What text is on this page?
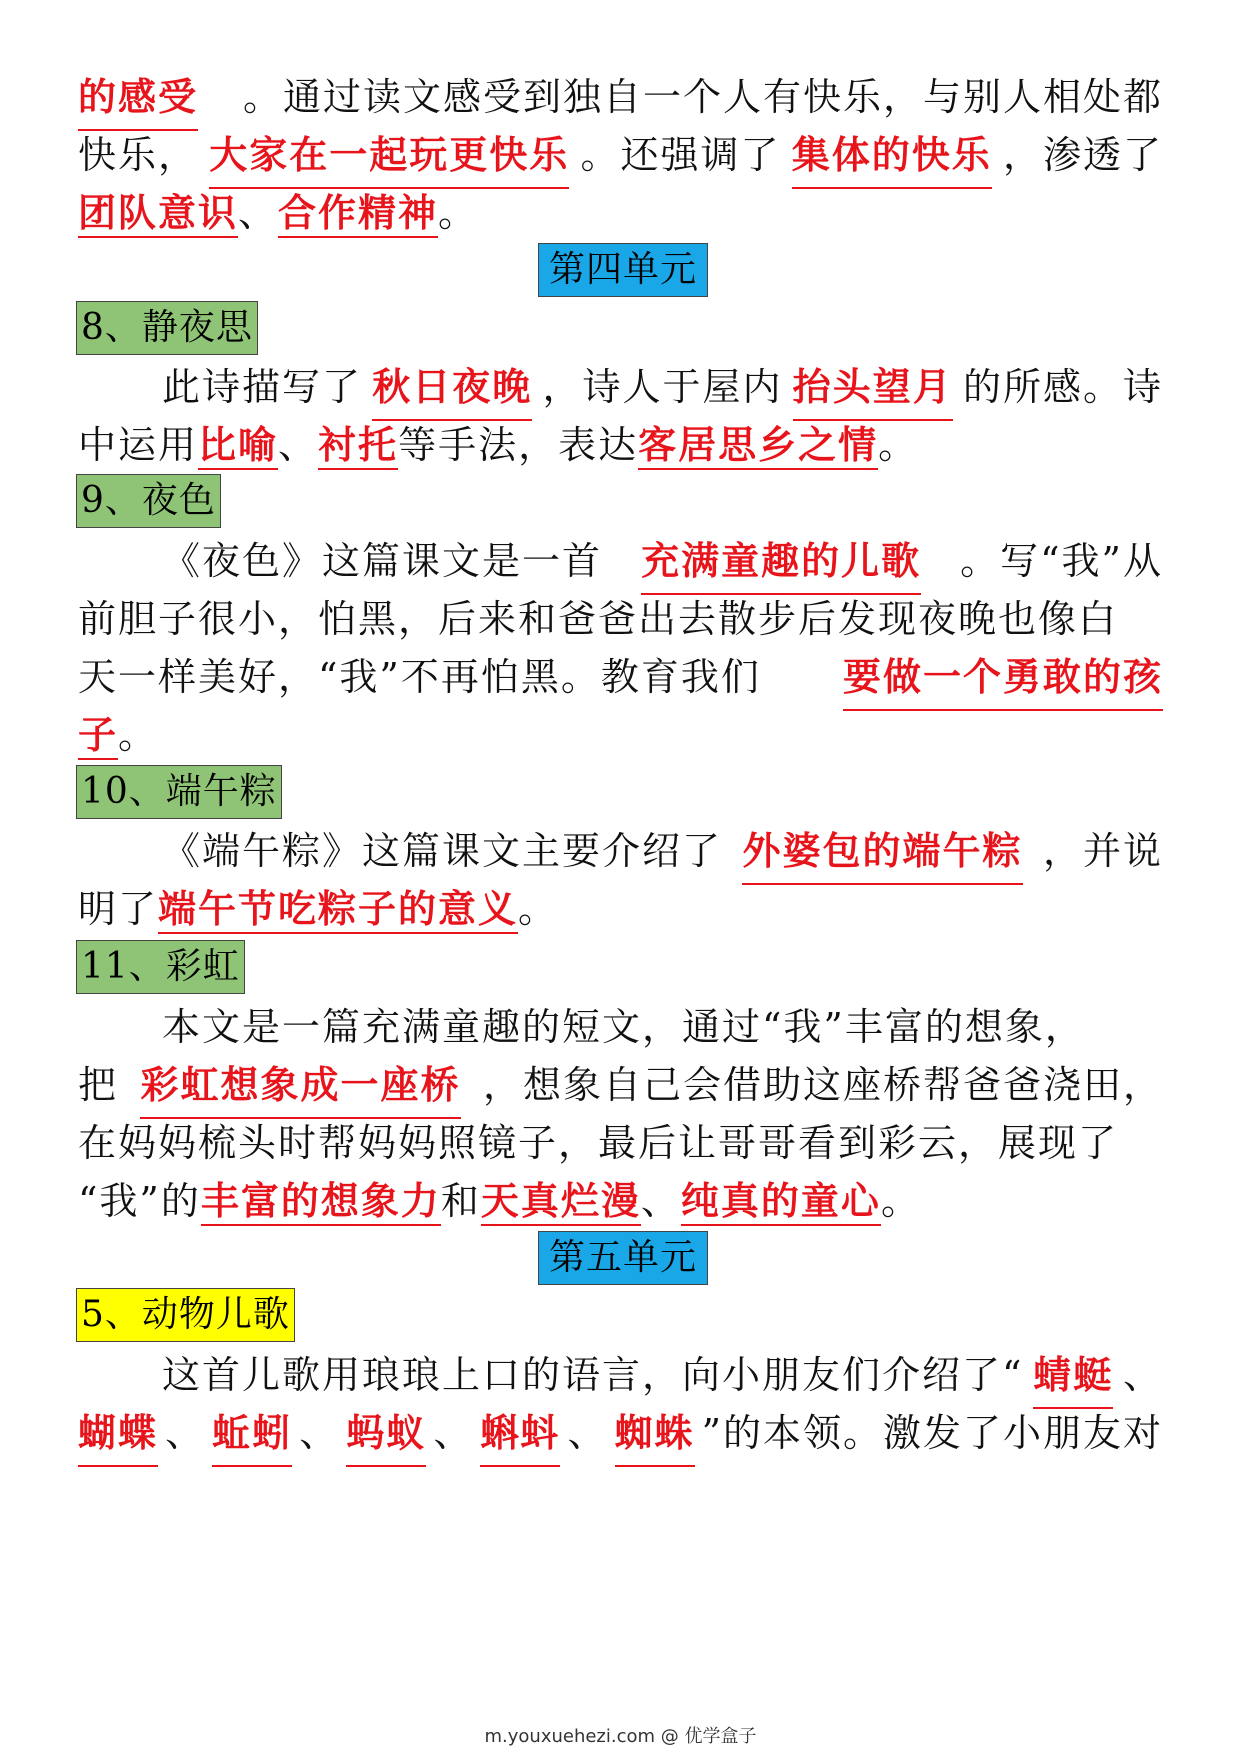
的感受 。通过读文感受到独自一个人有快乐，与别人相处都
快乐， 大家在一起玩更快乐 。还强调了 集体的快乐 ，渗透了
团队意识、合作精神。
第四单元
8、静夜思
此诗描写了 秋日夜晚 ，诗人于屋内 抬头望月 的所感。诗
中运用比喻、衬托等手法，表达客居思乡之情。
9、夜色
《夜色》这篇课文是一首 充满童趣的儿歌 。写“我”从
前胆子很小，怕黑，后来和爸爸出去散步后发现夜晚也像白
天一样美好，“我”不再怕黑。教育我们 要做一个勇敢的孩
子。
10、端午粽
《端午粽》这篇课文主要介绍了 外婆包的端午粽 ，并说
明了端午节吃粽子的意义。
11、彩虹
本文是一篇充满童趣的短文，通过“我”丰富的想象，
把 彩虹想象成一座桥 ，想象自己会借助这座桥帮爸爸浇田，
在妈妈梳头时帮妈妈照镜子，最后让哥哥看到彩云，展现了
“我”的丰富的想象力和天真烂漫、纯真的童心。
第五单元
5、动物儿歌
这首儿歌用琅琅上口的语言，向小朋友们介绍了“ 蜻蜓 、
蝴蝶 、 蚯蚓 、 蚂蚁 、 蝌蚪 、 蜘蛛 ”的本领。激发了小朋友对
m.youxuehezi.com @ 优学盒子
